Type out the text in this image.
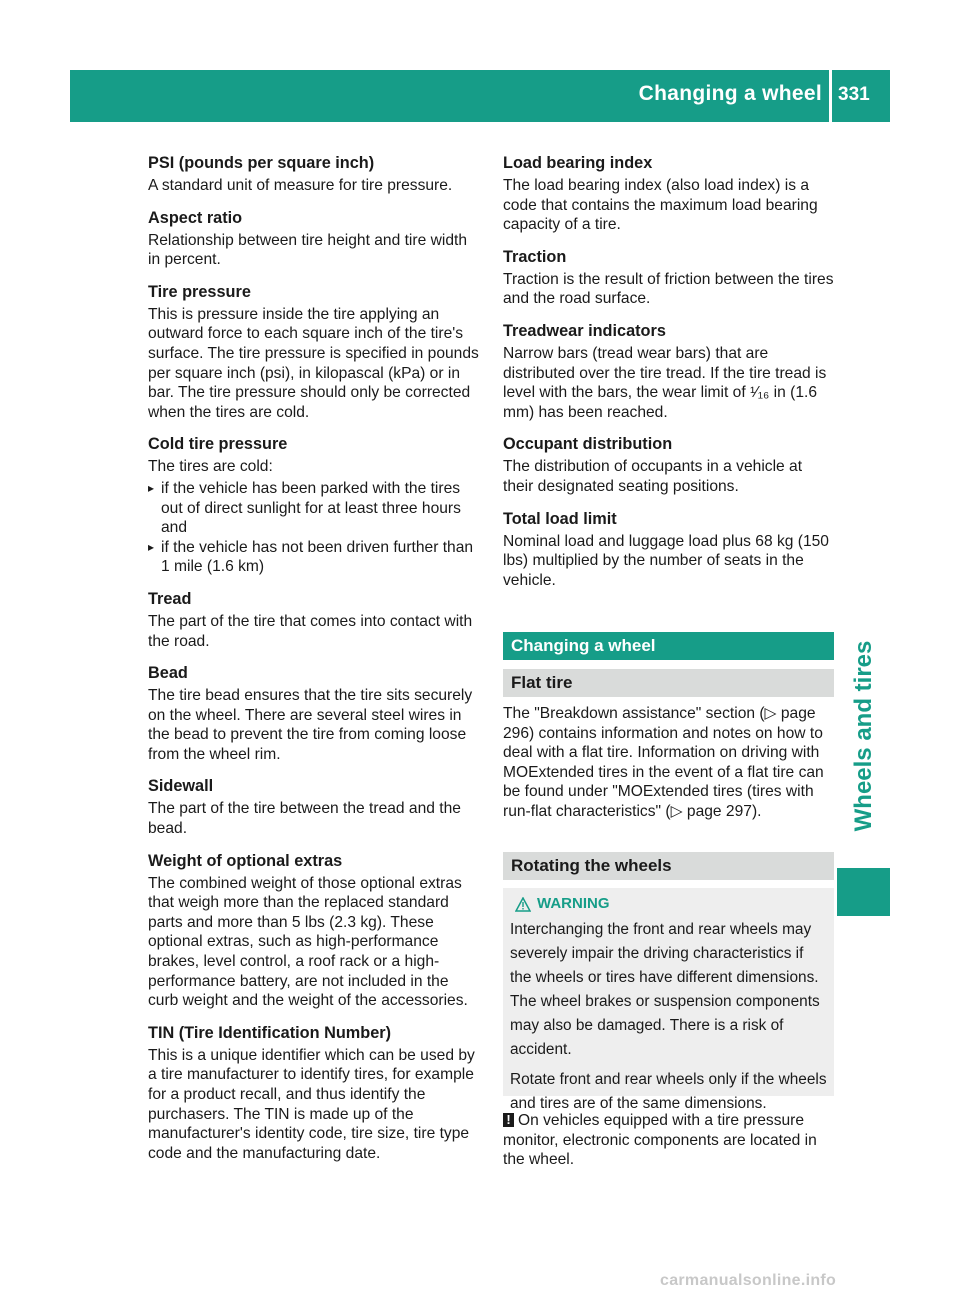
Changing a wheel 331
Wheels and tires

PSI (pounds per square inch)

A standard unit of measure for tire pressure.

Aspect ratio

Relationship between tire height and tire width in percent.

Tire pressure

This is pressure inside the tire applying an outward force to each square inch of the tire's surface. The tire pressure is specified in pounds per square inch (psi), in kilopascal (kPa) or in bar. The tire pressure should only be corrected when the tires are cold.

Cold tire pressure

The tires are cold:

▸ if the vehicle has been parked with the tires out of direct sunlight for at least three hours and
▸ if the vehicle has not been driven further than 1 mile (1.6 km)

Tread

The part of the tire that comes into contact with the road.

Bead

The tire bead ensures that the tire sits securely on the wheel. There are several steel wires in the bead to prevent the tire from coming loose from the wheel rim.

Sidewall

The part of the tire between the tread and the bead.

Weight of optional extras

The combined weight of those optional extras that weigh more than the replaced standard parts and more than 5 lbs (2.3 kg). These optional extras, such as high-performance brakes, level control, a roof rack or a high-performance battery, are not included in the curb weight and the weight of the accessories.

TIN (Tire Identification Number)

This is a unique identifier which can be used by a tire manufacturer to identify tires, for example for a product recall, and thus identify the purchasers. The TIN is made up of the manufacturer's identity code, tire size, tire type code and the manufacturing date.

Load bearing index

The load bearing index (also load index) is a code that contains the maximum load bearing capacity of a tire.

Traction

Traction is the result of friction between the tires and the road surface.

Treadwear indicators

Narrow bars (tread wear bars) that are distributed over the tire tread. If the tire tread is level with the bars, the wear limit of ¹⁄₁₆ in (1.6 mm) has been reached.

Occupant distribution

The distribution of occupants in a vehicle at their designated seating positions.

Total load limit

Nominal load and luggage load plus 68 kg (150 lbs) multiplied by the number of seats in the vehicle.

Changing a wheel
Flat tire
The "Breakdown assistance" section (▷ page 296) contains information and notes on how to deal with a flat tire. Information on driving with MOExtended tires in the event of a flat tire can be found under "MOExtended tires (tires with run-flat characteristics" (▷ page 297).
Rotating the wheels
WARNING

Interchanging the front and rear wheels may severely impair the driving characteristics if the wheels or tires have different dimensions. The wheel brakes or suspension components may also be damaged. There is a risk of accident.

Rotate front and rear wheels only if the wheels and tires are of the same dimensions.

! On vehicles equipped with a tire pressure monitor, electronic components are located in the wheel.
carmanualsonline.info
